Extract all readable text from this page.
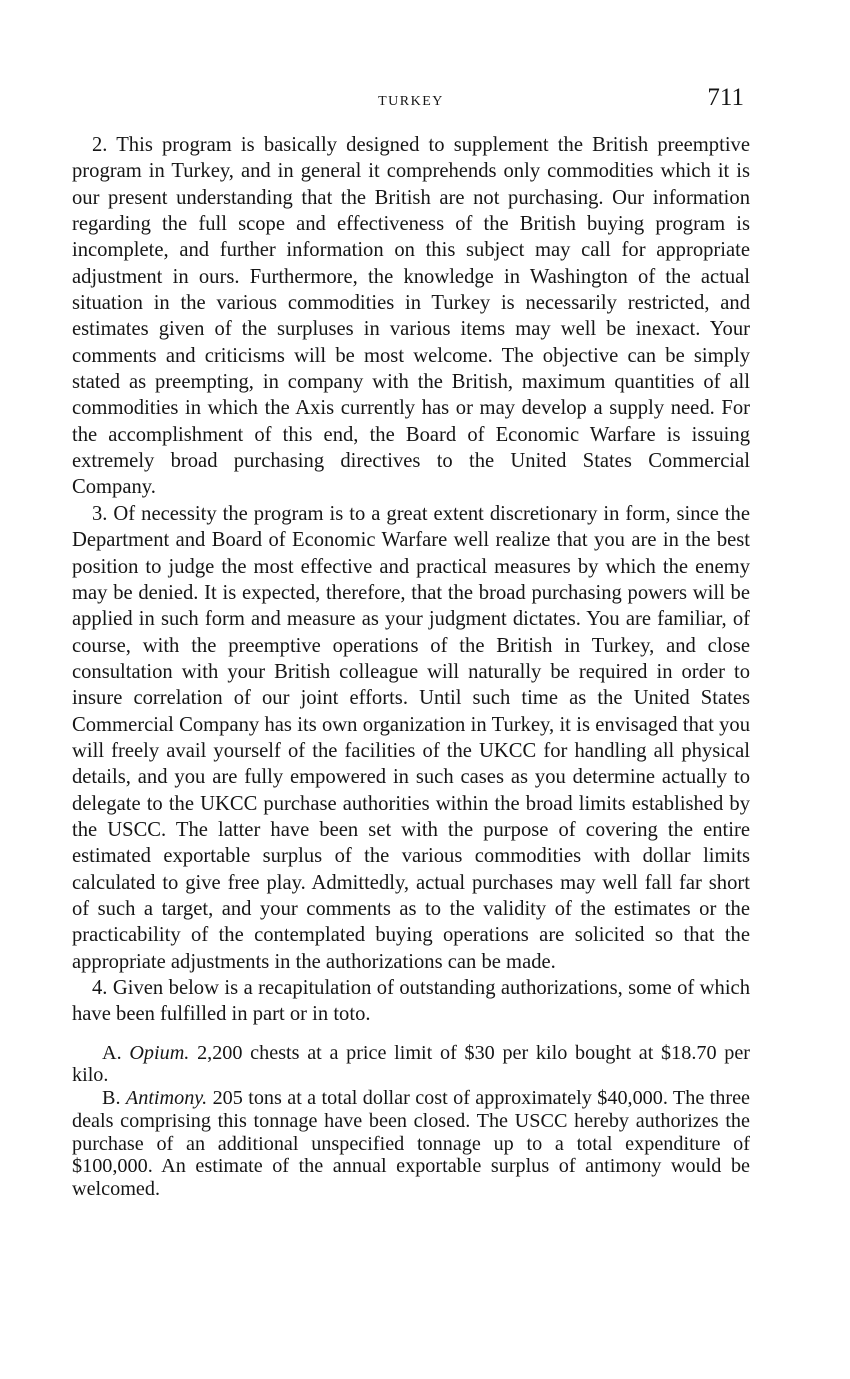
TURKEY	711

2. This program is basically designed to supplement the British preemptive program in Turkey, and in general it comprehends only commodities which it is our present understanding that the British are not purchasing. Our information regarding the full scope and effectiveness of the British buying program is incomplete, and further information on this subject may call for appropriate adjustment in ours. Furthermore, the knowledge in Washington of the actual situation in the various commodities in Turkey is necessarily restricted, and estimates given of the surpluses in various items may well be inexact. Your comments and criticisms will be most welcome. The objective can be simply stated as preempting, in company with the British, maximum quantities of all commodities in which the Axis currently has or may develop a supply need. For the accomplishment of this end, the Board of Economic Warfare is issuing extremely broad purchasing directives to the United States Commercial Company.

3. Of necessity the program is to a great extent discretionary in form, since the Department and Board of Economic Warfare well realize that you are in the best position to judge the most effective and practical measures by which the enemy may be denied. It is expected, therefore, that the broad purchasing powers will be applied in such form and measure as your judgment dictates. You are familiar, of course, with the preemptive operations of the British in Turkey, and close consultation with your British colleague will naturally be required in order to insure correlation of our joint efforts. Until such time as the United States Commercial Company has its own organization in Turkey, it is envisaged that you will freely avail yourself of the facilities of the UKCC for handling all physical details, and you are fully empowered in such cases as you determine actually to delegate to the UKCC purchase authorities within the broad limits established by the USCC. The latter have been set with the purpose of covering the entire estimated exportable surplus of the various commodities with dollar limits calculated to give free play. Admittedly, actual purchases may well fall far short of such a target, and your comments as to the validity of the estimates or the practicability of the contemplated buying operations are solicited so that the appropriate adjustments in the authorizations can be made.

4. Given below is a recapitulation of outstanding authorizations, some of which have been fulfilled in part or in toto.

A. Opium. 2,200 chests at a price limit of $30 per kilo bought at $18.70 per kilo.

B. Antimony. 205 tons at a total dollar cost of approximately $40,000. The three deals comprising this tonnage have been closed. The USCC hereby authorizes the purchase of an additional unspecified tonnage up to a total expenditure of $100,000. An estimate of the annual exportable surplus of antimony would be welcomed.
